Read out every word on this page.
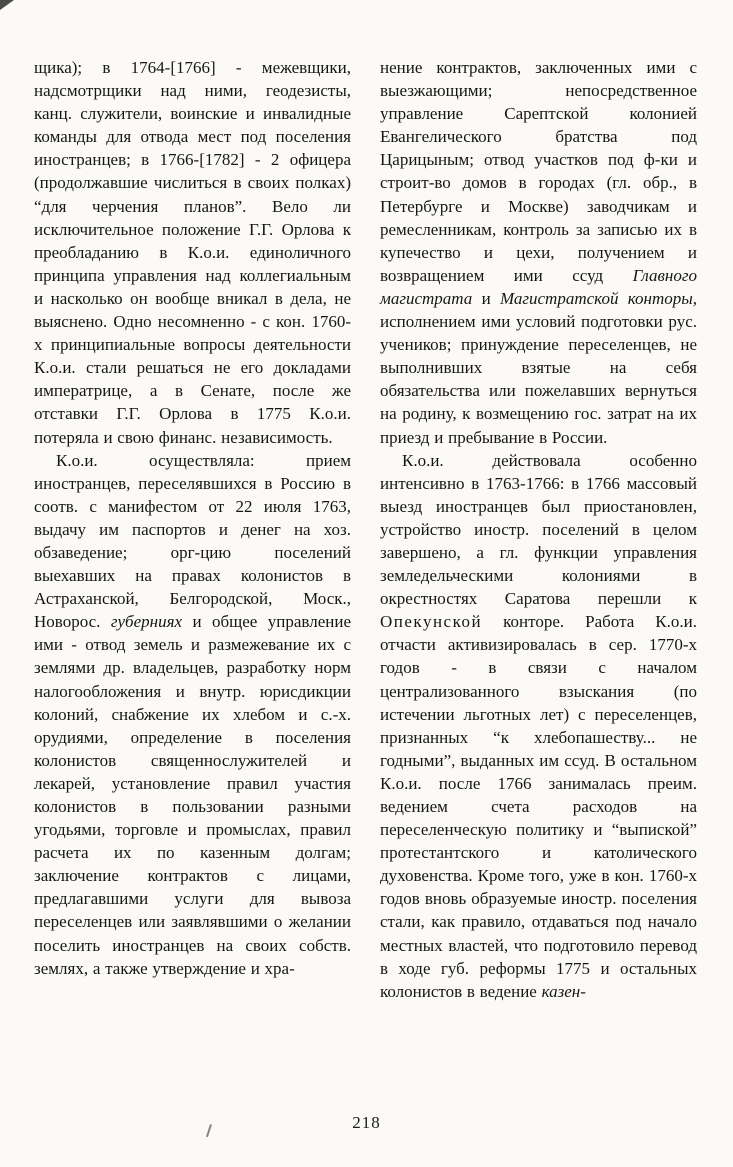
щика); в 1764-[1766] - межевщики, надсмотрщики над ними, геодезисты, канц. служители, воинские и инвалидные команды для отвода мест под поселения иностранцев; в 1766-[1782] - 2 офицера (продолжавшие числиться в своих полках) “для черчения планов”. Вело ли исключительное положение Г.Г. Орлова к преобладанию в К.о.и. единоличного принципа управления над коллегиальным и насколько он вообще вникал в дела, не выяснено. Одно несомненно - с кон. 1760-х принципиальные вопросы деятельности К.о.и. стали решаться не его докладами императрице, а в Сенате, после же отставки Г.Г. Орлова в 1775 К.о.и. потеряла и свою финанс. независимость.

К.о.и. осуществляла: прием иностранцев, переселявшихся в Россию в соотв. с манифестом от 22 июля 1763, выдачу им паспортов и денег на хоз. обзаведение; орг-цию поселений выехавших на правах колонистов в Астраханской, Белгородской, Моск., Новорос. губерниях и общее управление ими - отвод земель и размежевание их с землями др. владельцев, разработку норм налогообложения и внутр. юрисдикции колоний, снабжение их хлебом и с.-х. орудиями, определение в поселения колонистов священнослужителей и лекарей, установление правил участия колонистов в пользовании разными угодьями, торговле и промыслах, правил расчета их по казенным долгам; заключение контрактов с лицами, предлагавшими услуги для вывоза переселенцев или заявлявшими о желании поселить иностранцев на своих собств. землях, а также утверждение и хра-

нение контрактов, заключенных ими с выезжающими; непосредственное управление Сарептской колонией Евангелического братства под Царицыным; отвод участков под ф-ки и строит-во домов в городах (гл. обр., в Петербурге и Москве) заводчикам и ремесленникам, контроль за записью их в купечество и цехи, получением и возвращением ими ссуд Главного магистрата и Магистратской конторы, исполнением ими условий подготовки рус. учеников; принуждение переселенцев, не выполнивших взятые на себя обязательства или пожелавших вернуться на родину, к возмещению гос. затрат на их приезд и пребывание в России.

К.о.и. действовала особенно интенсивно в 1763-1766: в 1766 массовый выезд иностранцев был приостановлен, устройство иностр. поселений в целом завершено, а гл. функции управления земледельческими колониями в окрестностях Саратова перешли к Опекунской конторе. Работа К.о.и. отчасти активизировалась в сер. 1770-х годов - в связи с началом централизованного взыскания (по истечении льготных лет) с переселенцев, признанных “к хлебопашеству... не годными”, выданных им ссуд. В остальном К.о.и. после 1766 занималась преим. ведением счета расходов на переселенческую политику и “выпиской” протестантского и католического духовенства. Кроме того, уже в кон. 1760-х годов вновь образуемые иностр. поселения стали, как правило, отдаваться под начало местных властей, что подготовило перевод в ходе губ. реформы 1775 и остальных колонистов в ведение казен-

218
